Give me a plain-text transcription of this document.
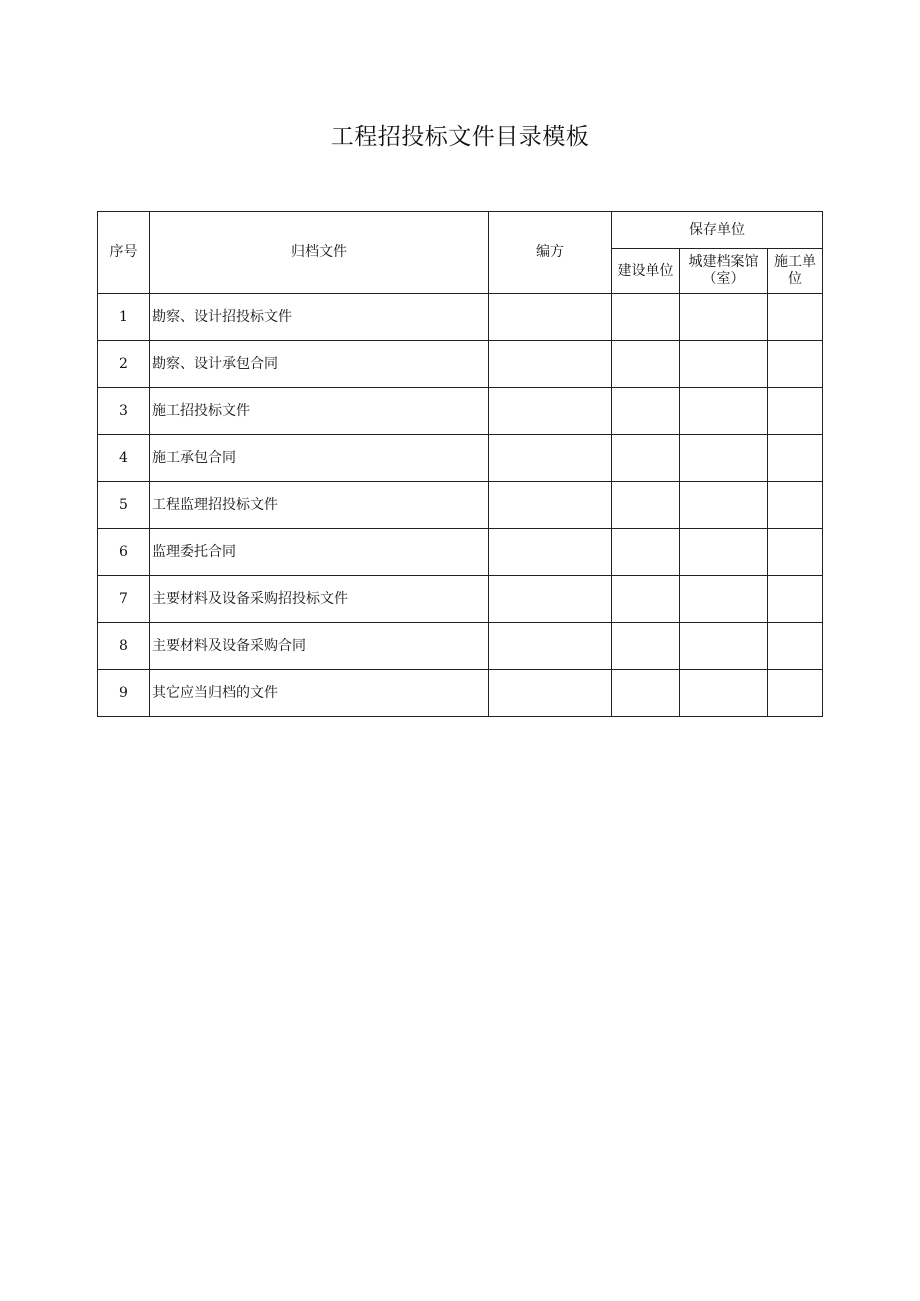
工程招投标文件目录模板
序号	归档文件	编方	保存单位		

			建设单位	城建档案馆（室）	施工单位

1	勘察、设计招投标文件				
2	勘察、设计承包合同				
3	施工招投标文件				
4	施工承包合同				
5	工程监理招投标文件				
6	监理委托合同				
7	主要材料及设备采购招投标文件				
8	主要材料及设备采购合同				
9	其它应当归档的文件				
